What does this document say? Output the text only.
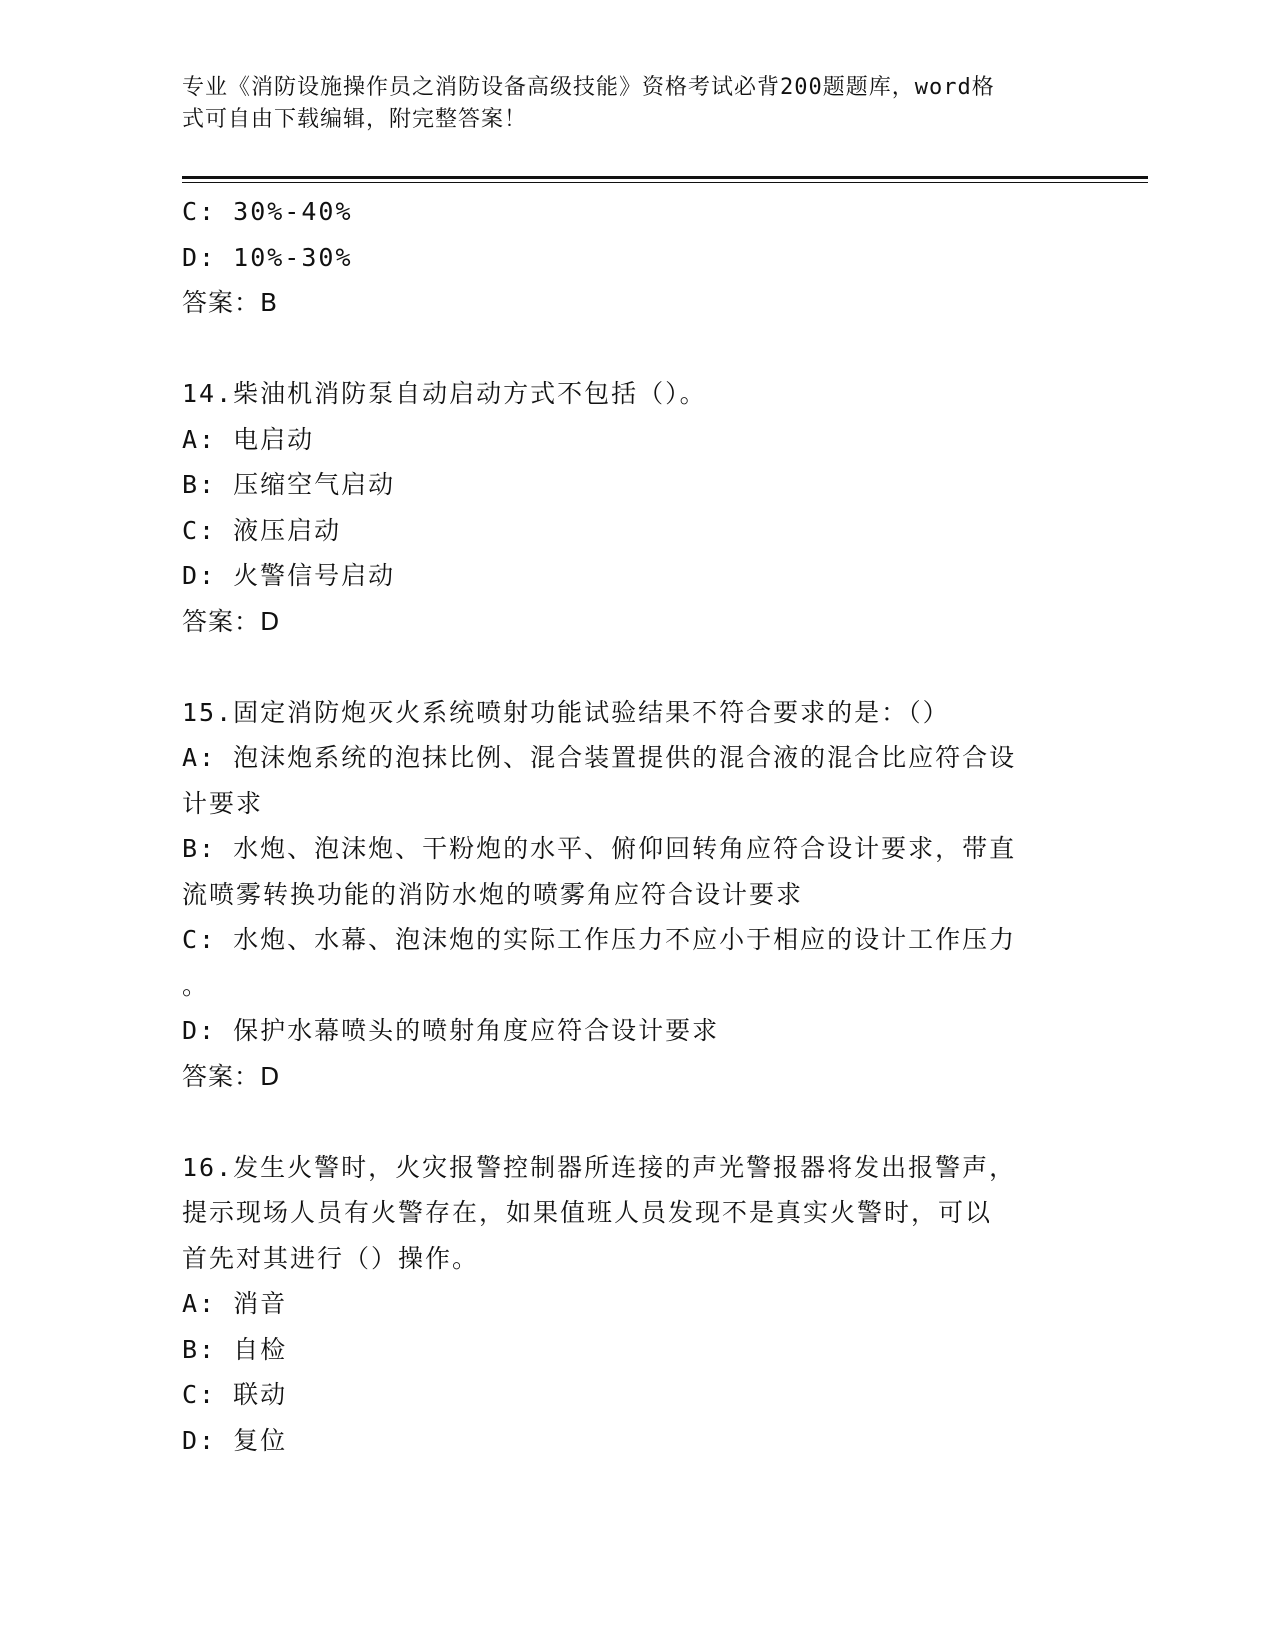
专业《消防设施操作员之消防设备高级技能》资格考试必背200题题库，word格
式可自由下载编辑，附完整答案！
C: 30%-40%
D: 10%-30%
答案：B
14.柴油机消防泵自动启动方式不包括（）。
A: 电启动
B: 压缩空气启动
C: 液压启动
D: 火警信号启动
答案：D
15.固定消防炮灭火系统喷射功能试验结果不符合要求的是：（）
A: 泡沫炮系统的泡抹比例、混合装置提供的混合液的混合比应符合设
计要求
B: 水炮、泡沫炮、干粉炮的水平、俯仰回转角应符合设计要求，带直
流喷雾转换功能的消防水炮的喷雾角应符合设计要求
C: 水炮、水幕、泡沫炮的实际工作压力不应小于相应的设计工作压力
。
D: 保护水幕喷头的喷射角度应符合设计要求
答案：D
16.发生火警时，火灾报警控制器所连接的声光警报器将发出报警声，
提示现场人员有火警存在，如果值班人员发现不是真实火警时，可以
首先对其进行（）操作。
A: 消音
B: 自检
C: 联动
D: 复位
